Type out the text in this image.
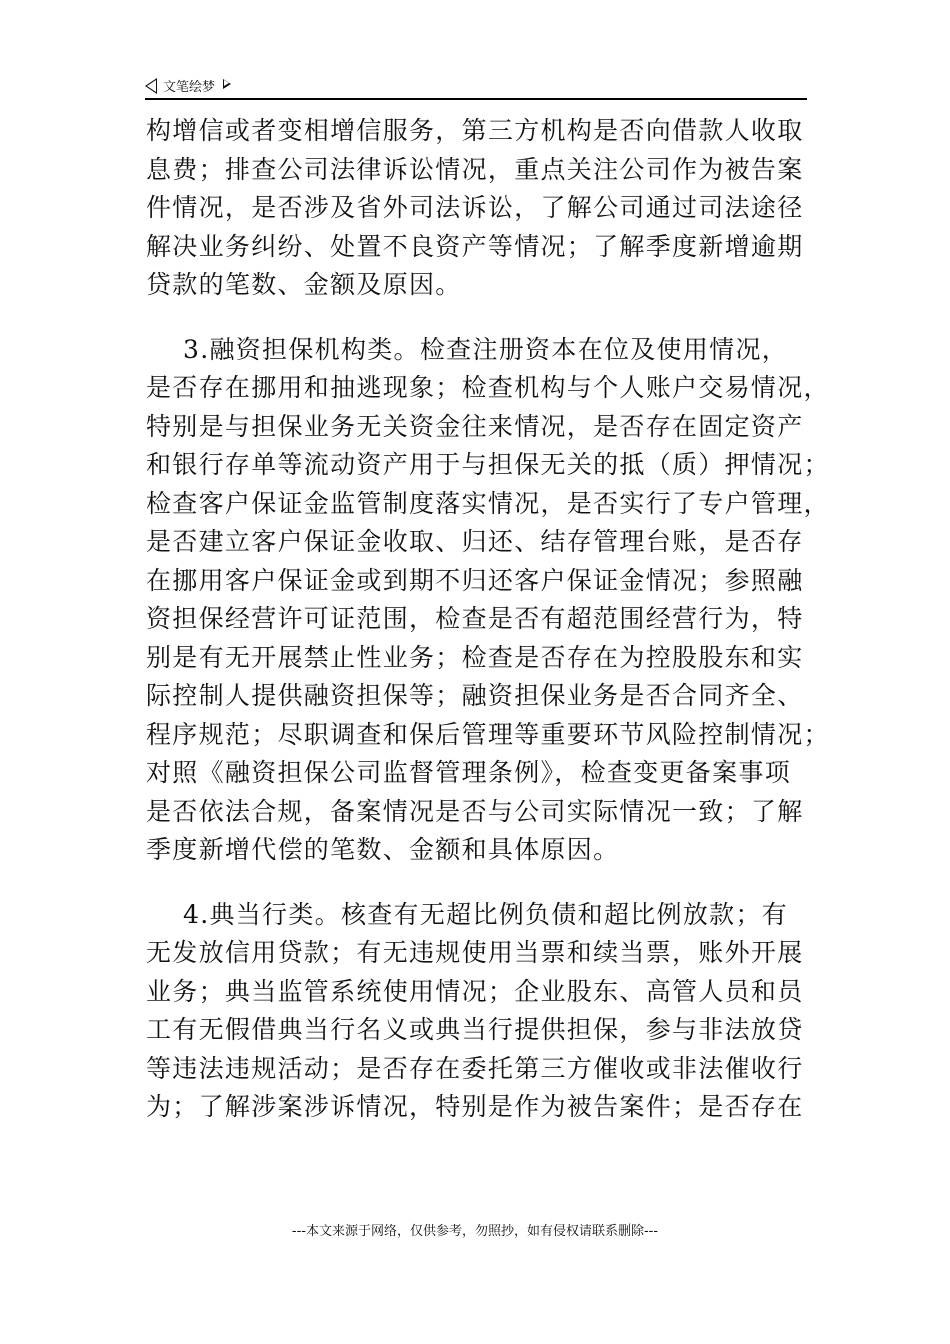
文笔绘梦
构增信或者变相增信服务，第三方机构是否向借款人收取
息费；排查公司法律诉讼情况，重点关注公司作为被告案
件情况，是否涉及省外司法诉讼，了解公司通过司法途径
解决业务纠纷、处置不良资产等情况；了解季度新增逾期
贷款的笔数、金额及原因。
3.融资担保机构类。检查注册资本在位及使用情况，
是否存在挪用和抽逃现象；检查机构与个人账户交易情况，
特别是与担保业务无关资金往来情况，是否存在固定资产
和银行存单等流动资产用于与担保无关的抵（质）押情况；
检查客户保证金监管制度落实情况，是否实行了专户管理，
是否建立客户保证金收取、归还、结存管理台账，是否存
在挪用客户保证金或到期不归还客户保证金情况；参照融
资担保经营许可证范围，检查是否有超范围经营行为，特
别是有无开展禁止性业务；检查是否存在为控股股东和实
际控制人提供融资担保等；融资担保业务是否合同齐全、
程序规范；尽职调查和保后管理等重要环节风险控制情况；
对照《融资担保公司监督管理条例》，检查变更备案事项
是否依法合规，备案情况是否与公司实际情况一致；了解
季度新增代偿的笔数、金额和具体原因。
4.典当行类。核查有无超比例负债和超比例放款；有
无发放信用贷款；有无违规使用当票和续当票，账外开展
业务；典当监管系统使用情况；企业股东、高管人员和员
工有无假借典当行名义或典当行提供担保，参与非法放贷
等违法违规活动；是否存在委托第三方催收或非法催收行
为；了解涉案涉诉情况，特别是作为被告案件；是否存在
---本文来源于网络，仅供参考，勿照抄，如有侵权请联系删除---
